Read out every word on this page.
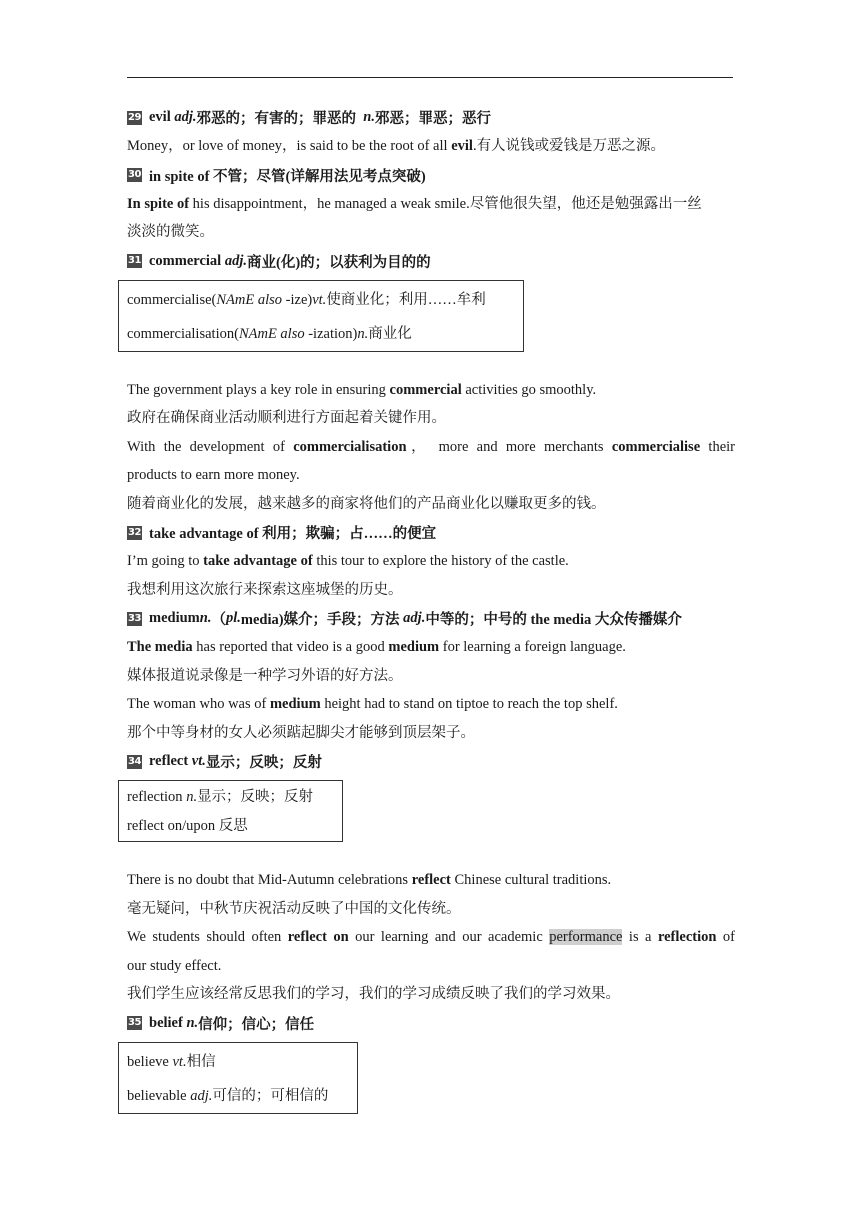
29 evil
adj. 邪恶的；有害的；罪恶的
n. 邪恶；罪恶；恶行
Money，or love of money，is said to be the root of all evil.有人说钱或爱钱是万恶之源。
30 in spite of 不管；尽管(详解用法见考点突破)
In spite of his disappointment，he managed a weak smile.尽管他很失望，他还是勉强露出一丝
淡淡的微笑。
31 commercial
adj. 商业(化)的；以获利为目的的
commercialise(NAmE also -ize)vt.使商业化；利用……牟利
commercialisation(NAmE also -ization)n.商业化
The government plays a key role in ensuring commercial activities go smoothly.
政府在确保商业活动顺利进行方面起着关键作用。
With the development of commercialisation， more and more merchants commercialise their
products to earn more money.
随着商业化的发展，越来越多的商家将他们的产品商业化以赚取更多的钱。
32 take advantage of 利用；欺骗；占……的便宜
I’m going to take advantage of this tour to explore the history of the castle.
我想利用这次旅行来探索这座城堡的历史。
33 medium n. （ pl. media)媒介；手段；方法
adj. 中等的；中号的 the media 大众传播媒介
The media has reported that video is a good medium for learning a foreign language.
媒体报道说录像是一种学习外语的好方法。
The woman who was of medium height had to stand on tiptoe to reach the top shelf.
那个中等身材的女人必须踮起脚尖才能够到顶层架子。
34 reflect
vt. 显示；反映；反射
reflection n.显示；反映；反射
reflect on/upon 反思
There is no doubt that Mid-Autumn celebrations reflect Chinese cultural traditions.
毫无疑问，中秋节庆祝活动反映了中国的文化传统。
We students should often reflect on our learning and our academic performance is a reflection of
our study effect.
我们学生应该经常反思我们的学习，我们的学习成绩反映了我们的学习效果。
35 belief
n. 信仰；信心；信任
believe vt.相信
believable adj.可信的；可相信的
